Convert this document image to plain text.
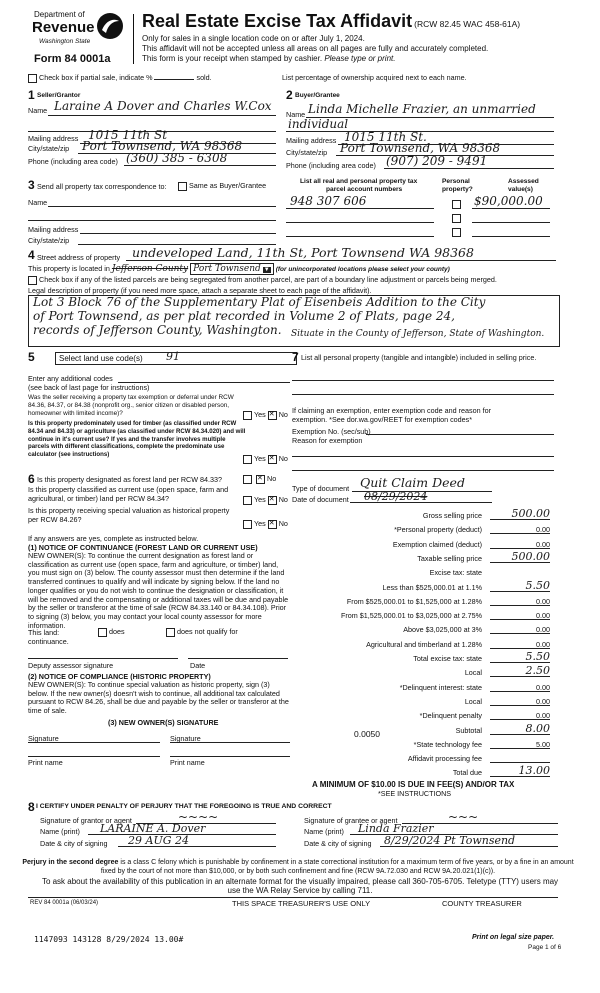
Department of
Revenue
Washington State
Form 84 0001a
Real Estate Excise Tax Affidavit (RCW 82.45 WAC 458-61A)
Only for sales in a single location code on or after July 1, 2024.
This affidavit will not be accepted unless all areas on all pages are fully and accurately completed.
This form is your receipt when stamped by cashier. Please type or print.
Check box if partial sale, indicate %	sold.	List percentage of ownership acquired next to each name.
1 Seller/Grantor
Name Laraine A Dover and Charles W.Cox
Mailing address 1015 11th St
City/state/zip Port Townsend, WA 98368
Phone (including area code) (360) 385 - 6308
2 Buyer/Grantee
Name Linda Michelle Frazier, an unmarried
individual
Mailing address 1015 11th St.
City/state/zip Port Townsend, WA 98368
Phone (including area code) (907) 209 - 9491
3 Send all property tax correspondence to:	Same as Buyer/Grantee
Name
Mailing address
City/state/zip
List all real and personal property tax
parcel account numbers
Personal
property?
Assessed
value(s)
948 307 606	$90,000.00
4 Street address of property undeveloped Land, 11th St, Port Townsend WA 98368
This property is located in Jefferson County Port Townsend ▼ (for unincorporated locations please select your county)
Check box if any of the listed parcels are being segregated from another parcel, are part of a boundary line adjustment or parcels being merged.
Legal description of property (if you need more space, attach a separate sheet to each page of the affidavit).
Lot 3 Block 76 of the Supplementary Plat of Eisenbeis Addition to the City
of Port Townsend, as per plat recorded in Volume 2 of Plats, page 24,
records of Jefferson County, Washington. Situate in the County of Jefferson, State of Washington.
5	Select land use code(s) 91
Enter any additional codes
(see back of last page for instructions)
Was the seller receiving a property tax exemption or deferral under RCW 84.36, 84.37, or 84.38 (nonprofit org., senior citizen or disabled person, homeowner with limited income)?	Yes ✕ No
Is this property predominately used for timber (as classified under RCW 84.34 and 84.33) or agriculture (as classified under RCW 84.34.020) and will continue in it's current use? If yes and the transfer involves multiple parcels with different classifications, complete the predominate use calculator (see instructions)	Yes ✕ No
6 Is this property designated as forest land per RCW 84.33?
✕	No
Is this property classified as current use (open space, farm and agricultural, or timber) land per RCW 84.34?	Yes ✕ No
Is this property receiving special valuation as historical property per RCW 84.26?	Yes ✕ No
If any answers are yes, complete as instructed below.
(1) NOTICE OF CONTINUANCE (FOREST LAND OR CURRENT USE)
NEW OWNER(S): To continue the current designation as forest land or classification as current use (open space, farm and agriculture, or timber) land, you must sign on (3) below. The county assessor must then determine if the land transferred continues to qualify and will indicate by signing below. If the land no longer qualifies or you do not wish to continue the designation or classification, it will be removed and the compensating or additional taxes will be due and payable by the seller or transferor at the time of sale (RCW 84.33.140 or 84.34.108). Prior to signing (3) below, you may contact your local county assessor for more information.
This land:	does	does not qualify for
continuance.
Deputy assessor signature	Date
(2) NOTICE OF COMPLIANCE (HISTORIC PROPERTY)
NEW OWNER(S): To continue special valuation as historic property, sign (3) below. If the new owner(s) doesn't wish to continue, all additional tax calculated pursuant to RCW 84.26, shall be due and payable by the seller or transferor at the time of sale.
(3) NEW OWNER(S) SIGNATURE
Signature	Signature
Print name	Print name
7 List all personal property (tangible and intangible) included in selling price.
If claiming an exemption, enter exemption code and reason for
exemption. *See dor.wa.gov/REET for exemption codes*
Exemption No. (sec/sub)
Reason for exemption
Type of document Quit Claim Deed
Date of document 08/29/2024
Gross selling price	500.00
*Personal property (deduct)	0.00
Exemption claimed (deduct)	0.00
Taxable selling price	500.00
Excise tax: state
Less than $525,000.01 at 1.1%	5.50
From $525,000.01 to $1,525,000 at 1.28%	0.00
From $1,525,000.01 to $3,025,000 at 2.75%	0.00
Above $3,025,000 at 3%	0.00
Agricultural and timberland at 1.28%	0.00
Total excise tax: state	5.50
Local	2.50
*Delinquent interest: state	0.00
Local	0.00
*Delinquent penalty	0.00
Subtotal	8.00
*State technology fee	5.00
Affidavit processing fee
Total due	13.00
0.0050
A MINIMUM OF $10.00 IS DUE IN FEE(S) AND/OR TAX
*SEE INSTRUCTIONS
8 I CERTIFY UNDER PENALTY OF PERJURY THAT THE FOREGOING IS TRUE AND CORRECT
Signature of grantor or agent	~~~~
Name (print) LARAINE A. Dover
Date & city of signing 29 AUG 24
Signature of grantee or agent	~~~
Name (print) Linda Frazier
Date & city of signing 8/29/2024 Pt Townsend
Perjury in the second degree is a class C felony which is punishable by confinement in a state correctional institution for a maximum term of five years, or by a fine in an amount fixed by the court of not more than $10,000, or by both such confinement and fine (RCW 9A.72.030 and RCW 9A.20.021(1)(c)).
To ask about the availability of this publication in an alternate format for the visually impaired, please call 360-705-6705. Teletype (TTY) users may use the WA Relay Service by calling 711.
REV 84 0001a (06/03/24)	THIS SPACE TREASURER'S USE ONLY	COUNTY TREASURER
1147093 143128 8/29/2024 13.00#	Print on legal size paper.
Page 1 of 6
